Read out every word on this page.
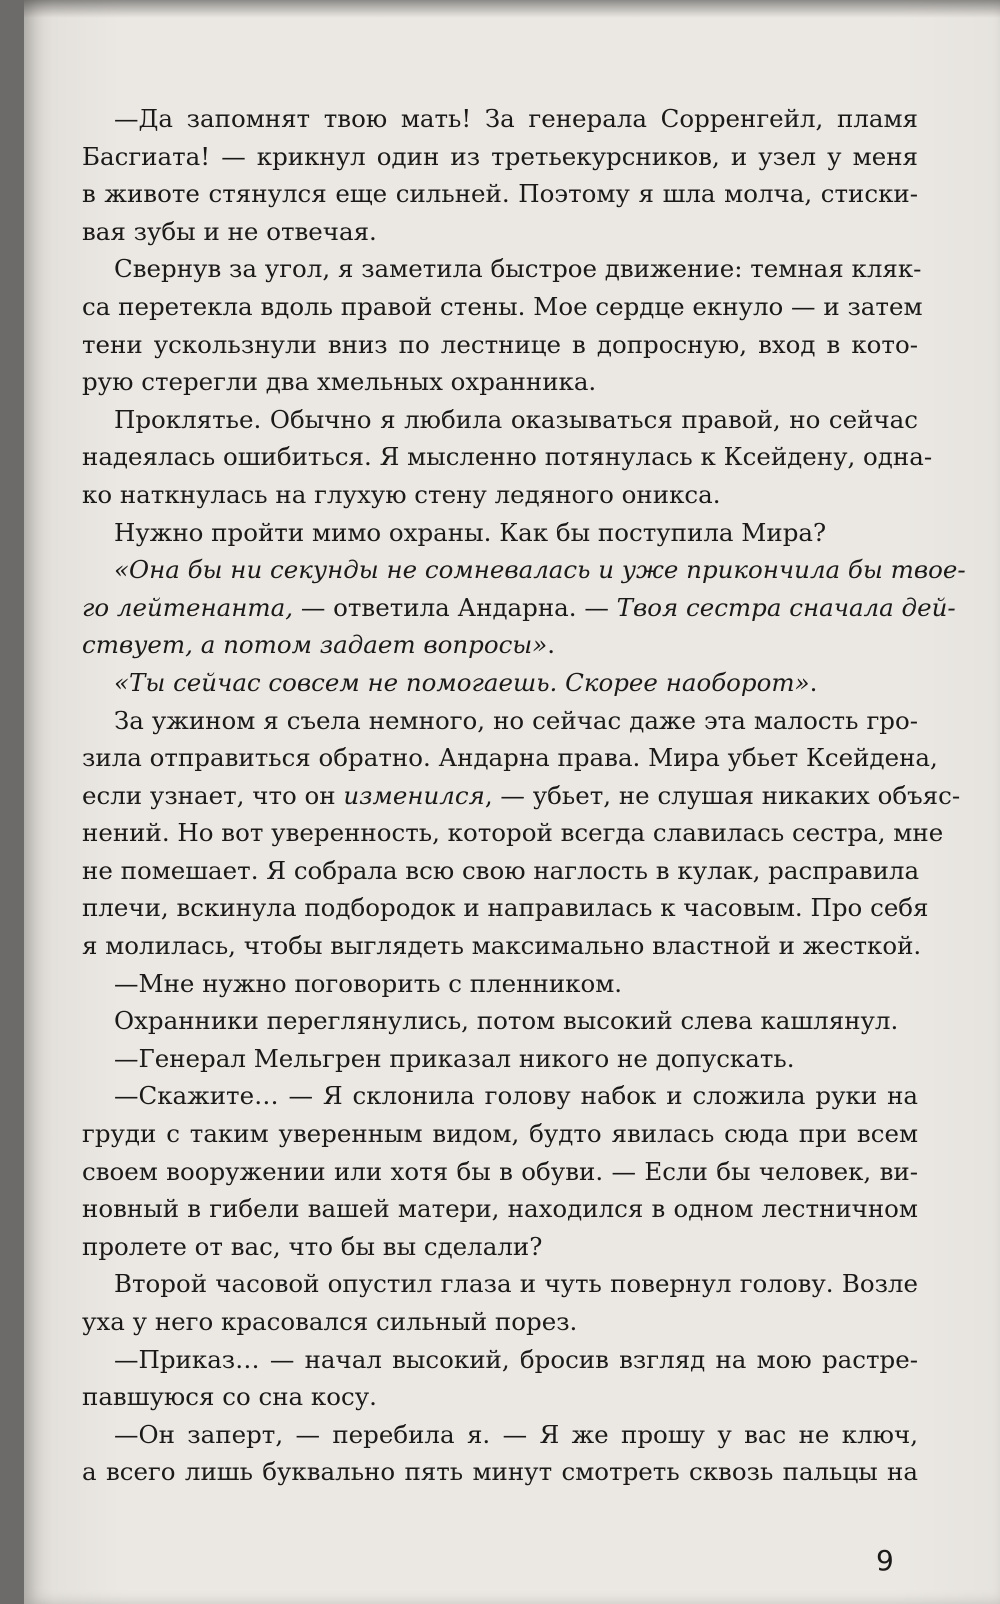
—Да запомнят твою мать! За генерала Сорренгейл, пламя
Басгиата! — крикнул один из третьекурсников, и узел у меня
в животе стянулся еще сильней. Поэтому я шла молча, стиски-
вая зубы и не отвечая.
Свернув за угол, я заметила быстрое движение: темная кляк-
са перетекла вдоль правой стены. Мое сердце екнуло — и затем
тени ускользнули вниз по лестнице в допросную, вход в кото-
рую стерегли два хмельных охранника.
Проклятье. Обычно я любила оказываться правой, но сейчас
надеялась ошибиться. Я мысленно потянулась к Ксейдену, одна-
ко наткнулась на глухую стену ледяного оникса.
Нужно пройти мимо охраны. Как бы поступила Мира?
«Она бы ни секунды не сомневалась и уже прикончила бы твое-
го лейтенанта, — ответила Андарна. — Твоя сестра сначала дей-
ствует, а потом задает вопросы».
«Ты сейчас совсем не помогаешь. Скорее наоборот».
За ужином я съела немного, но сейчас даже эта малость гро-
зила отправиться обратно. Андарна права. Мира убьет Ксейдена,
если узнает, что он изменился, — убьет, не слушая никаких объяс-
нений. Но вот уверенность, которой всегда славилась сестра, мне
не помешает. Я собрала всю свою наглость в кулак, расправила
плечи, вскинула подбородок и направилась к часовым. Про себя
я молилась, чтобы выглядеть максимально властной и жесткой.
—Мне нужно поговорить с пленником.
Охранники переглянулись, потом высокий слева кашлянул.
—Генерал Мельгрен приказал никого не допускать.
—Скажите… — Я склонила голову набок и сложила руки на
груди с таким уверенным видом, будто явилась сюда при всем
своем вооружении или хотя бы в обуви. — Если бы человек, ви-
новный в гибели вашей матери, находился в одном лестничном
пролете от вас, что бы вы сделали?
Второй часовой опустил глаза и чуть повернул голову. Возле
уха у него красовался сильный порез.
—Приказ… — начал высокий, бросив взгляд на мою растре-
павшуюся со сна косу.
—Он заперт, — перебила я. — Я же прошу у вас не ключ,
а всего лишь буквально пять минут смотреть сквозь пальцы на
9
